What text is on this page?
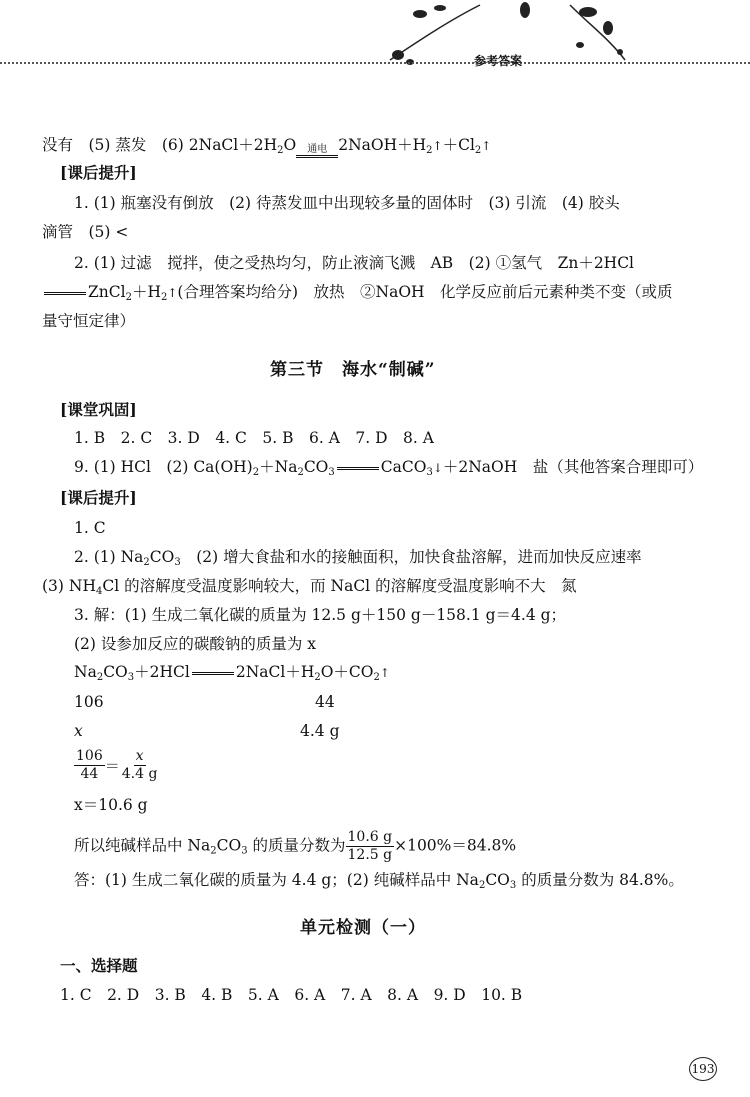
参考答案
没有　(5) 蒸发　(6) $2NaCl+2H_2O$ 通电 $2NaOH+H_2↑+Cl_2↑$
[课后提升]
1. (1) 瓶塞没有倒放　(2) 待蒸发皿中出现较多量的固体时　(3) 引流　(4) 胶头
滴管　(5) <
2. (1) 过滤　搅拌，使之受热均匀，防止液滴飞溅　AB　(2) ①氢气　Zn＋2HCl
$ZnCl_2+H_2↑$(合理答案均给分)　放热　②NaOH　化学反应前后元素种类不变（或质
量守恒定律）
第三节　海水“制碱”
[课堂巩固]
1. B　2. C　3. D　4. C　5. B　6. A　7. D　8. A
9. (1) HCl　(2) $Ca(OH)_2+Na_2CO_3$	CaCO$_3$↓＋2NaOH　盐（其他答案合理即可）
[课后提升]
1. C
2. (1) $Na_2CO_3$　(2) 增大食盐和水的接触面积，加快食盐溶解，进而加快反应速率
(3) $NH_4Cl$ 的溶解度受温度影响较大，而 NaCl 的溶解度受温度影响不大　氮
3. 解：(1) 生成二氧化碳的质量为 12.5 g＋150 g－158.1 g＝4.4 g；
(2) 设参加反应的碳酸钠的质量为 x
$Na_2CO_3+2HCl$	$2NaCl+H_2O+CO_2↑$
106	44
x	4.4 g
$\frac{106}{44} = \frac{x}{4.4 g}$
x＝10.6 g
所以纯碱样品中 $Na_2CO_3$ 的质量分数为 $\frac{10.6 g}{12.5 g} \times 100\%=84.8\%$
答：(1) 生成二氧化碳的质量为 4.4 g；(2) 纯碱样品中 $Na_2CO_3$ 的质量分数为 84.8%。
单元检测（一）
一、选择题
1. C　2. D　3. B　4. B　5. A　6. A　7. A　8. A　9. D　10. B
193
